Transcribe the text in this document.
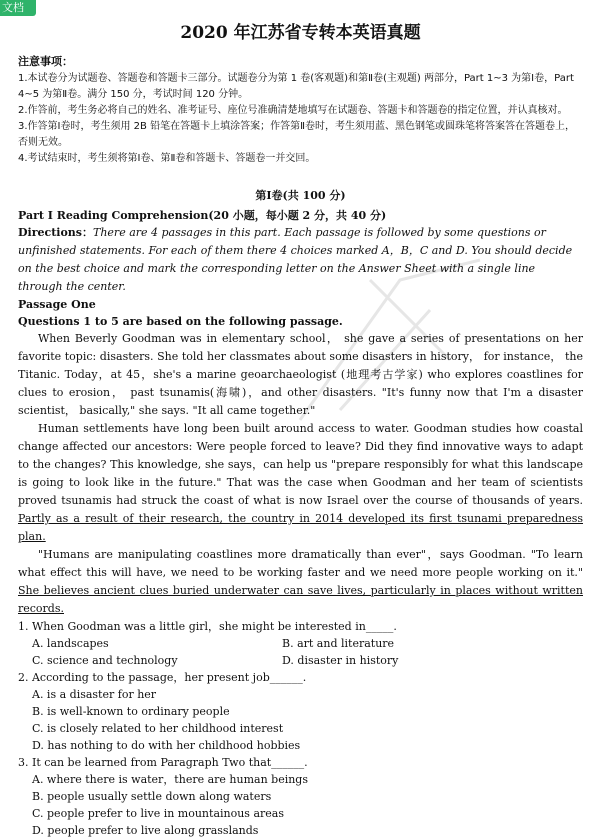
文档
2020 年江苏省专转本英语真题
注意事项：

1.本试卷分为试题卷、答题卷和答题卡三部分。试题卷分为第 1 卷(客观题)和第Ⅱ卷(主观题) 两部分，Part 1~3 为第Ⅰ卷，Part 4~5 为第Ⅱ卷。满分 150 分，考试时间 120 分钟。

2.作答前，考生务必将自己的姓名、准考证号、座位号准确清楚地填写在试题卷、答题卡和答题卷的指定位置，并认真核对。

3.作答第Ⅰ卷时，考生须用 2B 铅笔在答题卡上填涂答案；作答第Ⅱ卷时，考生须用蓝、黑色钢笔或圆珠笔将答案答在答题卷上，否则无效。

4.考试结束时，考生须将第Ⅰ卷、第Ⅱ卷和答题卡、答题卷一并交回。

第Ⅰ卷(共 100 分)

Part I Reading Comprehension(20 小题，每小题 2 分，共 40 分)

Directions：There are 4 passages in this part. Each passage is followed by some questions or unfinished statements. For each of them there 4 choices marked A，B，C and D. You should decide on the best choice and mark the corresponding letter on the Answer Sheet with a single line through the center.

Passage One

Questions 1 to 5 are based on the following passage.

When Beverly Goodman was in elementary school， she gave a series of presentations on her favorite topic: disasters. She told her classmates about some disasters in history， for instance， the Titanic. Today，at 45，she's a marine geoarchaeologist (地理考古学家) who explores coastlines for clues to erosion， past tsunamis(海啸)，and other disasters. "It's funny now that I'm a disaster scientist， basically," she says. "It all came together."

Human settlements have long been built around access to water. Goodman studies how coastal change affected our ancestors: Were people forced to leave? Did they find innovative ways to adapt to the changes? This knowledge, she says，can help us "prepare responsibly for what this landscape is going to look like in the future." That was the case when Goodman and her team of scientists proved tsunamis had struck the coast of what is now Israel over the course of thousands of years. Partly as a result of their research, the country in 2014 developed its first tsunami preparedness plan.

"Humans are manipulating coastlines more dramatically than ever"，says Goodman. "To learn what effect this will have, we need to be working faster and we need more people working on it." She believes ancient clues buried underwater can save lives, particularly in places without written records.

1. When Goodman was a little girl，she might be interested in_____.

A. landscapes	B. art and literature
C. science and technology	D. disaster in history

2. According to the passage，her present job______.

A. is a disaster for her
B. is well-known to ordinary people
C. is closely related to her childhood interest
D. has nothing to do with her childhood hobbies

3. It can be learned from Paragraph Two that______.

A. where there is water，there are human beings
B. people usually settle down along waters
C. people prefer to live in mountainous areas
D. people prefer to live along grasslands
